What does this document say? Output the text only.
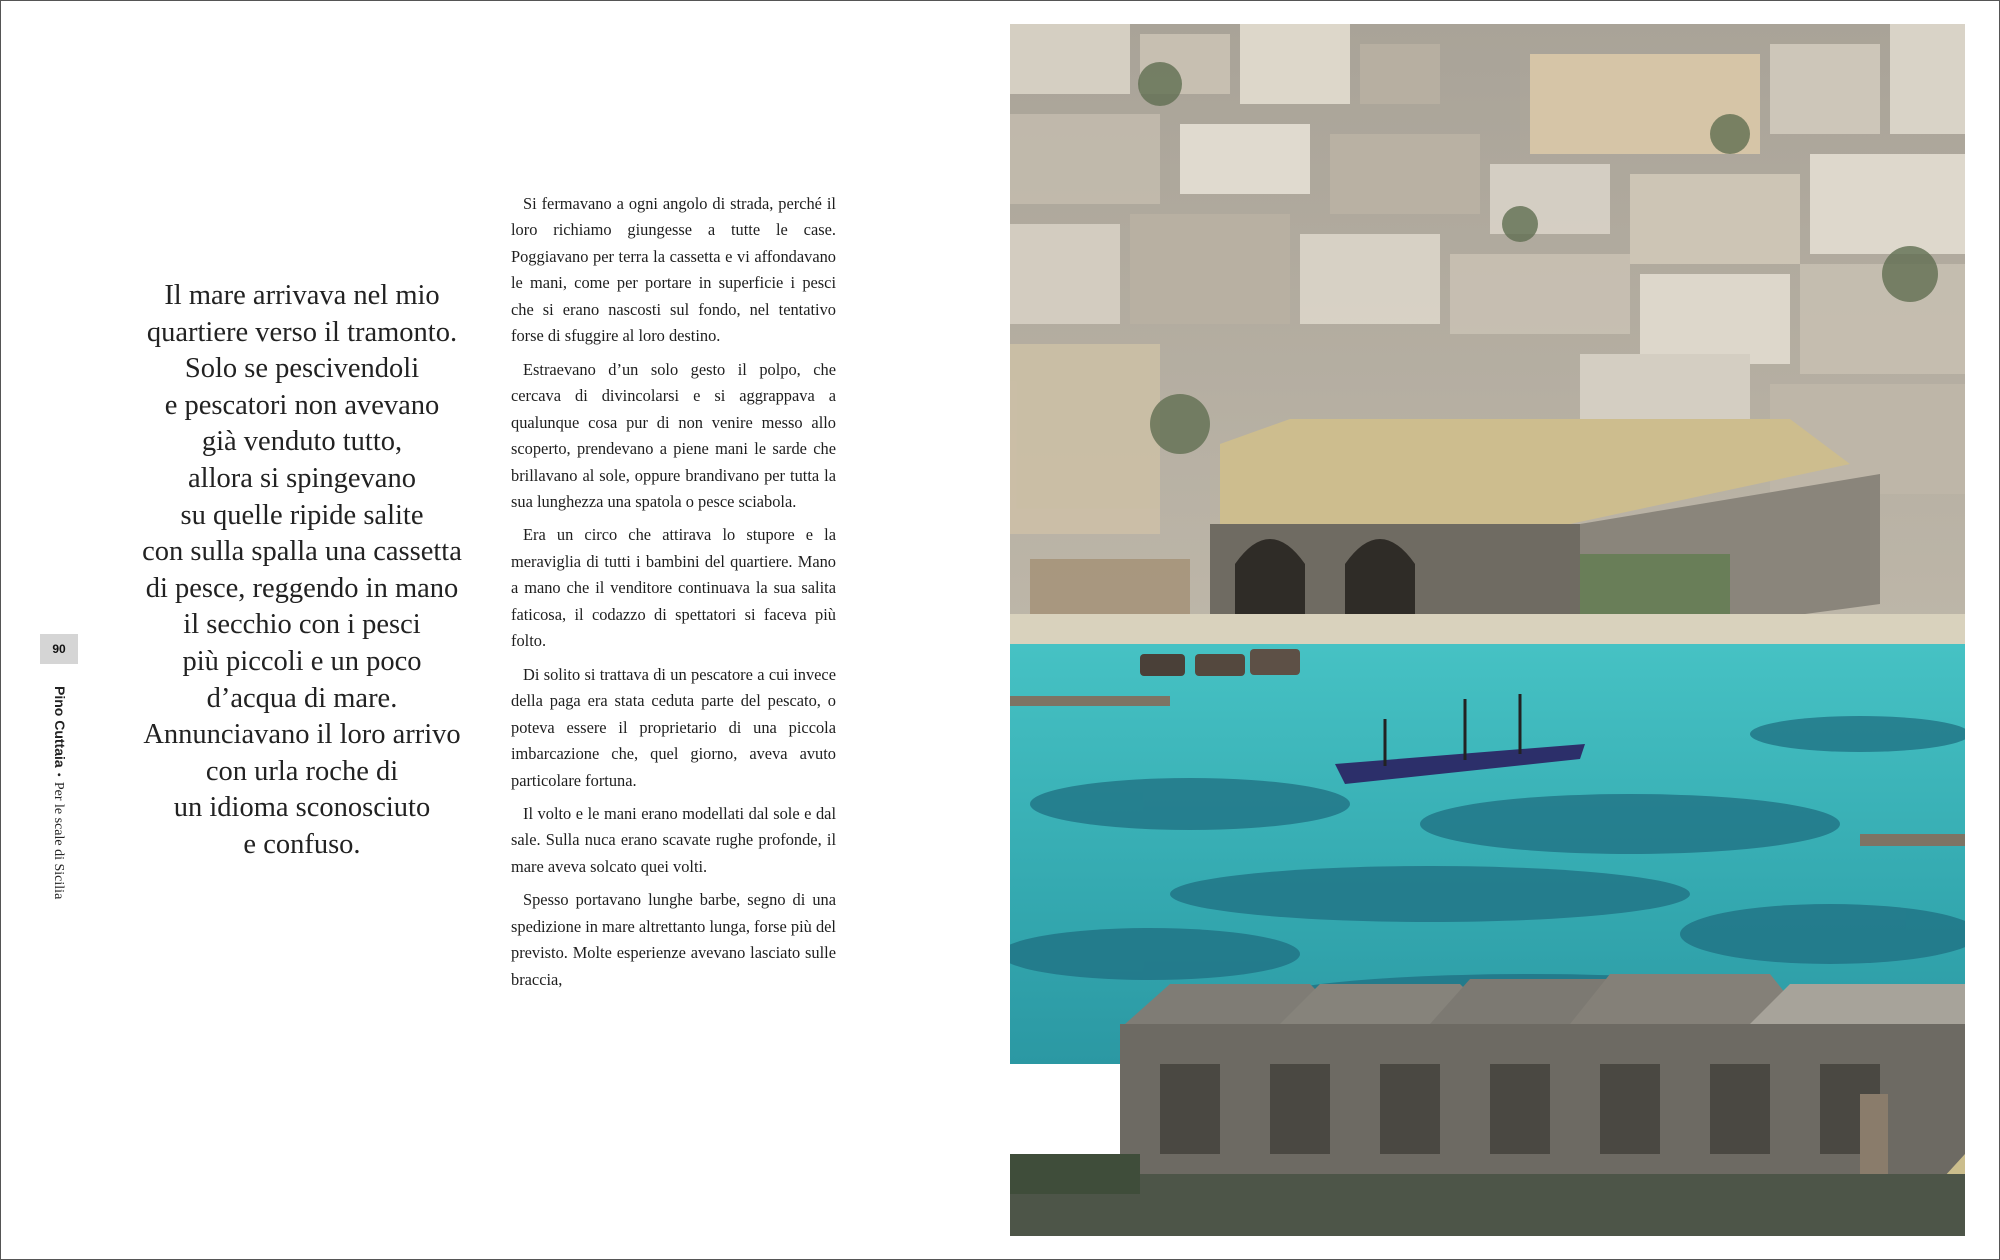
Il mare arrivava nel mio
quartiere verso il tramonto.
Solo se pescivendoli
e pescatori non avevano
già venduto tutto,
allora si spingevano
su quelle ripide salite
con sulla spalla una cassetta
di pesce, reggendo in mano
il secchio con i pesci
più piccoli e un poco
d’acqua di mare.
Annunciavano il loro arrivo
con urla roche di
un idioma sconosciuto
e confuso.
90
Pino Cuttaia•Per le scale di Sicilia

Si fermavano a ogni angolo di strada, perché il loro richiamo giungesse a tutte le case. Poggiavano per terra la cassetta e vi affondavano le mani, come per portare in superficie i pesci che si erano nascosti sul fondo, nel tentativo forse di sfuggire al loro destino.

Estraevano d’un solo gesto il polpo, che cercava di divincolarsi e si aggrappava a qualunque cosa pur di non venire messo allo scoperto, prendevano a piene mani le sarde che brillavano al sole, oppure brandivano per tutta la sua lunghezza una spatola o pesce sciabola.

Era un circo che attirava lo stupore e la meraviglia di tutti i bambini del quartiere. Mano a mano che il venditore continuava la sua salita faticosa, il codazzo di spettatori si faceva più folto.

Di solito si trattava di un pescatore a cui invece della paga era stata ceduta parte del pescato, o poteva essere il proprietario di una piccola imbarcazione che, quel giorno, aveva avuto particolare fortuna.

Il volto e le mani erano modellati dal sole e dal sale. Sulla nuca erano scavate rughe profonde, il mare aveva solcato quei volti.

Spesso portavano lunghe barbe, segno di una spedizione in mare altrettanto lunga, forse più del previsto. Molte esperienze avevano lasciato sulle braccia,
